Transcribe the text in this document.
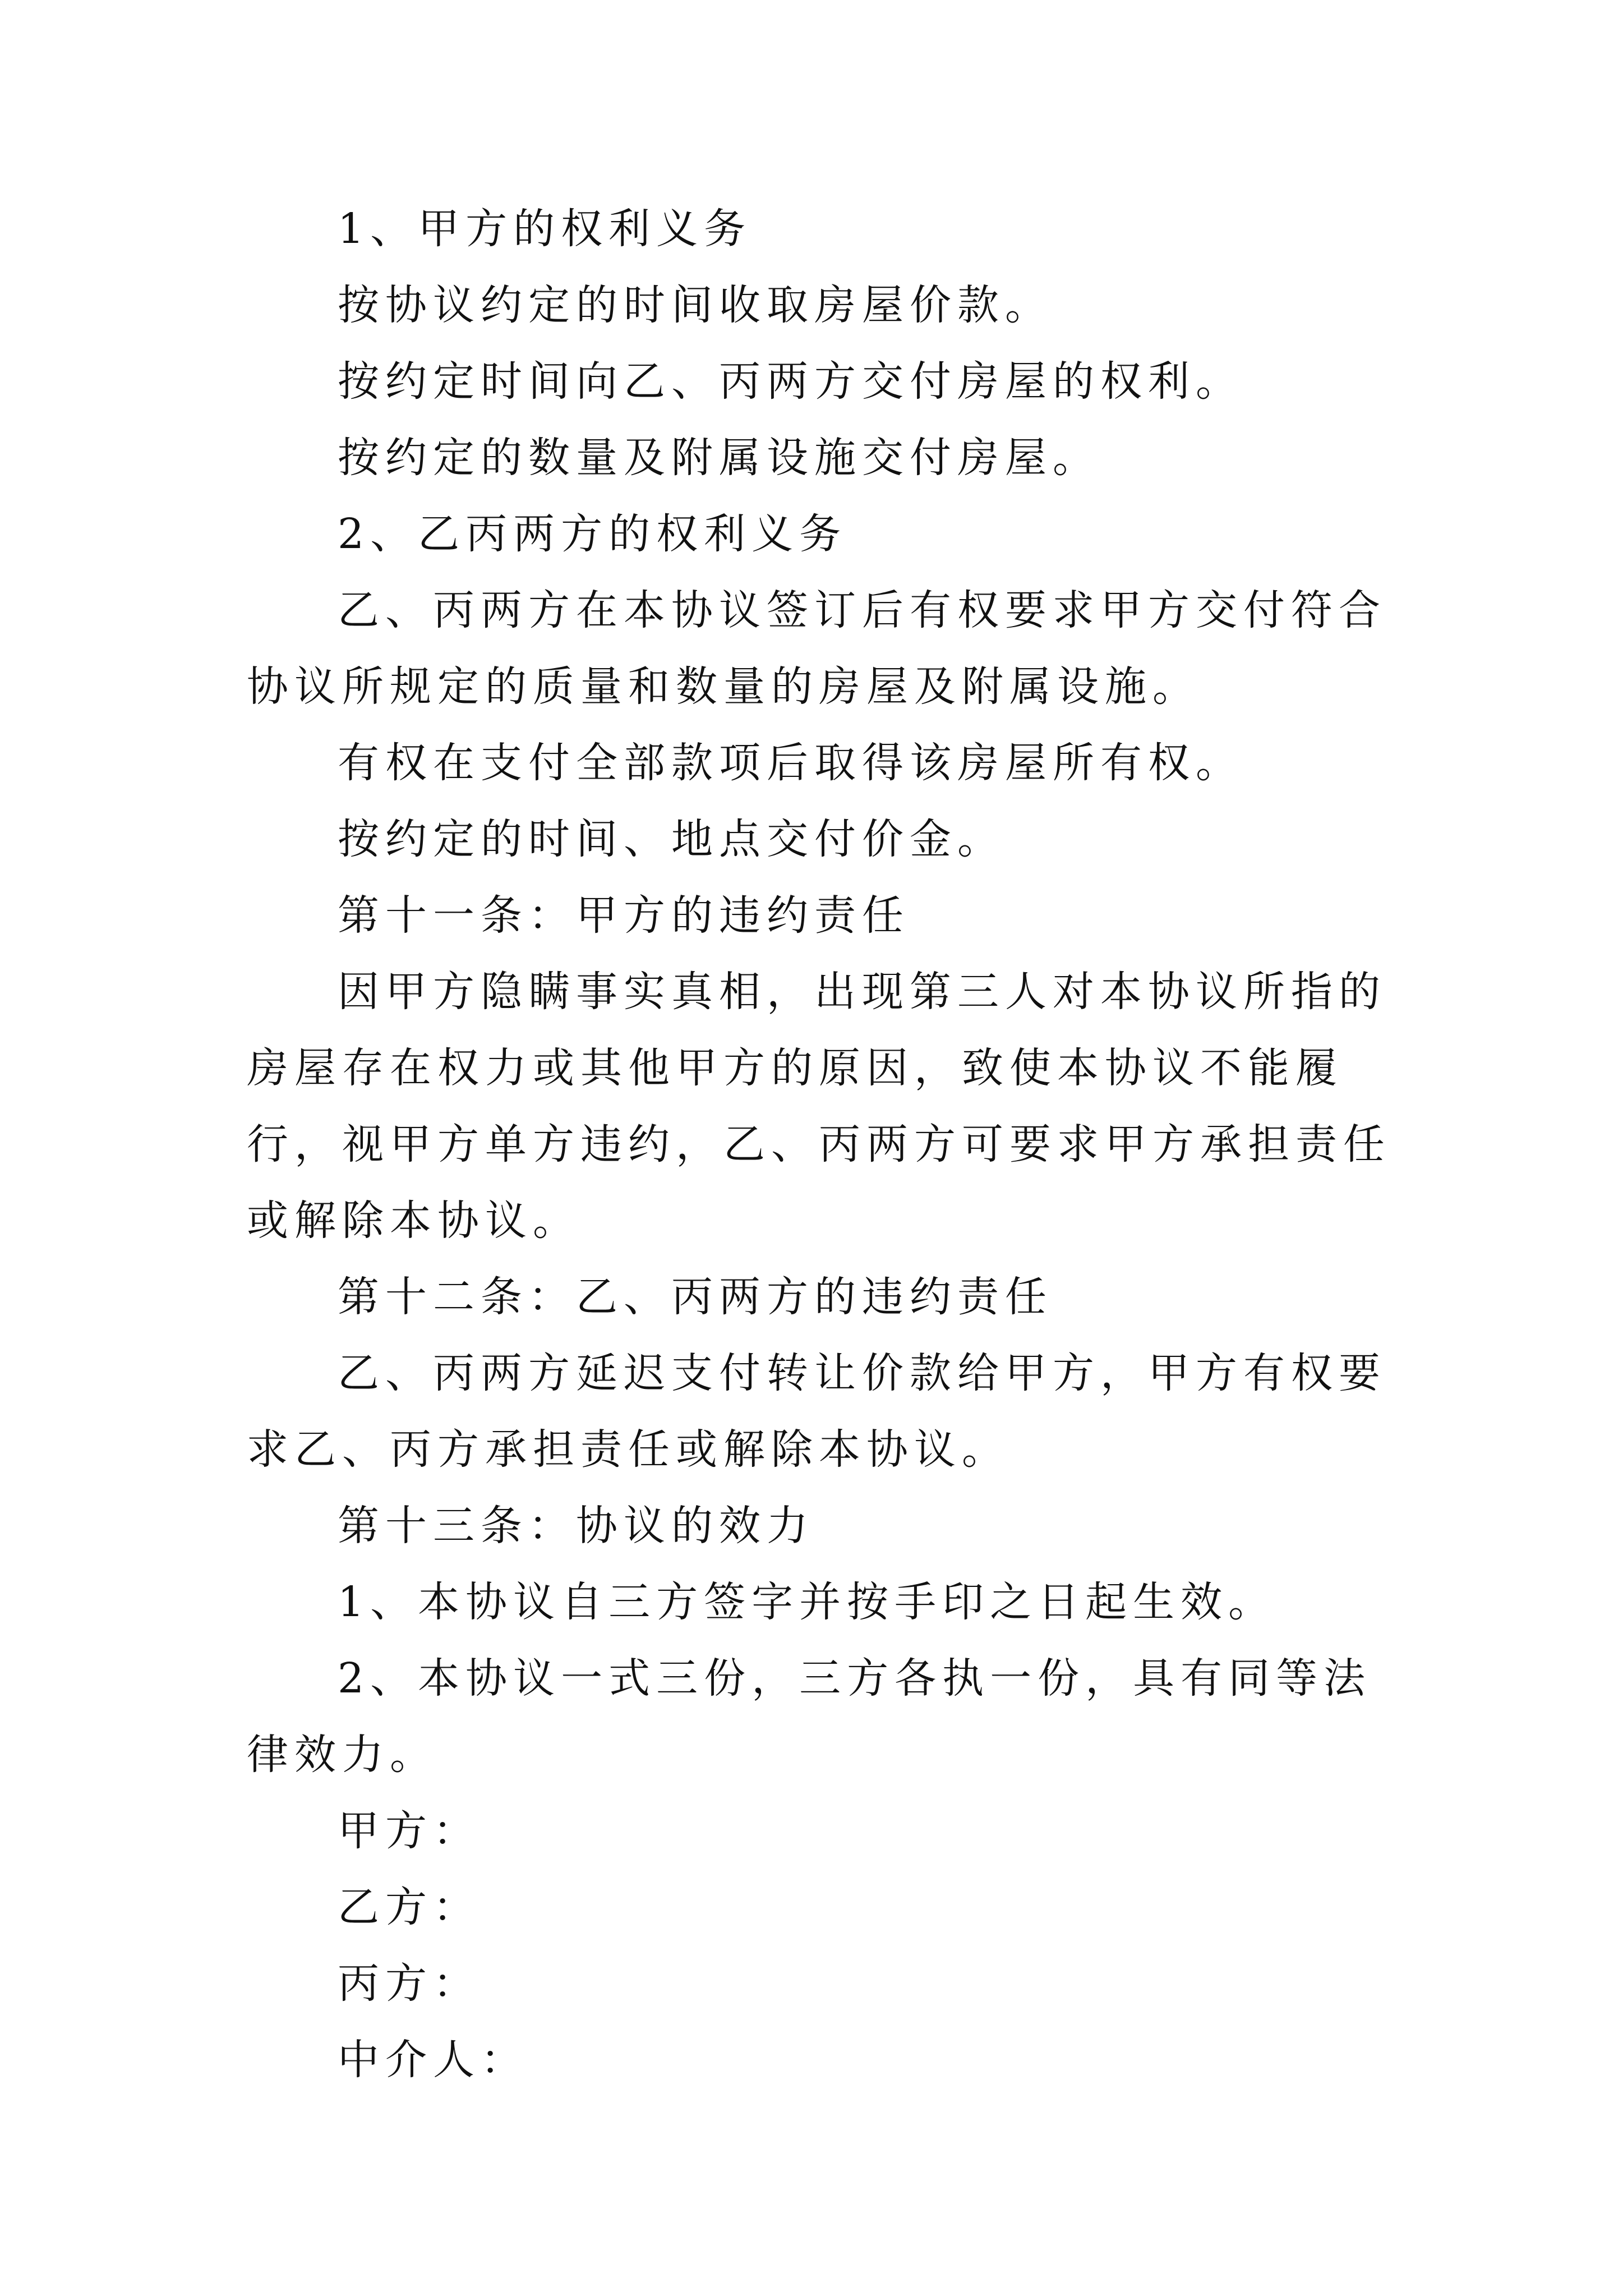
1、甲方的权利义务

按协议约定的时间收取房屋价款。

按约定时间向乙、丙两方交付房屋的权利。

按约定的数量及附属设施交付房屋。

2、乙丙两方的权利义务

乙、丙两方在本协议签订后有权要求甲方交付符合协议所规定的质量和数量的房屋及附属设施。

有权在支付全部款项后取得该房屋所有权。

按约定的时间、地点交付价金。

第十一条：甲方的违约责任

因甲方隐瞒事实真相，出现第三人对本协议所指的房屋存在权力或其他甲方的原因，致使本协议不能履行，视甲方单方违约，乙、丙两方可要求甲方承担责任或解除本协议。

第十二条：乙、丙两方的违约责任

乙、丙两方延迟支付转让价款给甲方，甲方有权要求乙、丙方承担责任或解除本协议。

第十三条：协议的效力

1、本协议自三方签字并按手印之日起生效。

2、本协议一式三份，三方各执一份，具有同等法律效力。

甲方：

乙方：

丙方：

中介人：
